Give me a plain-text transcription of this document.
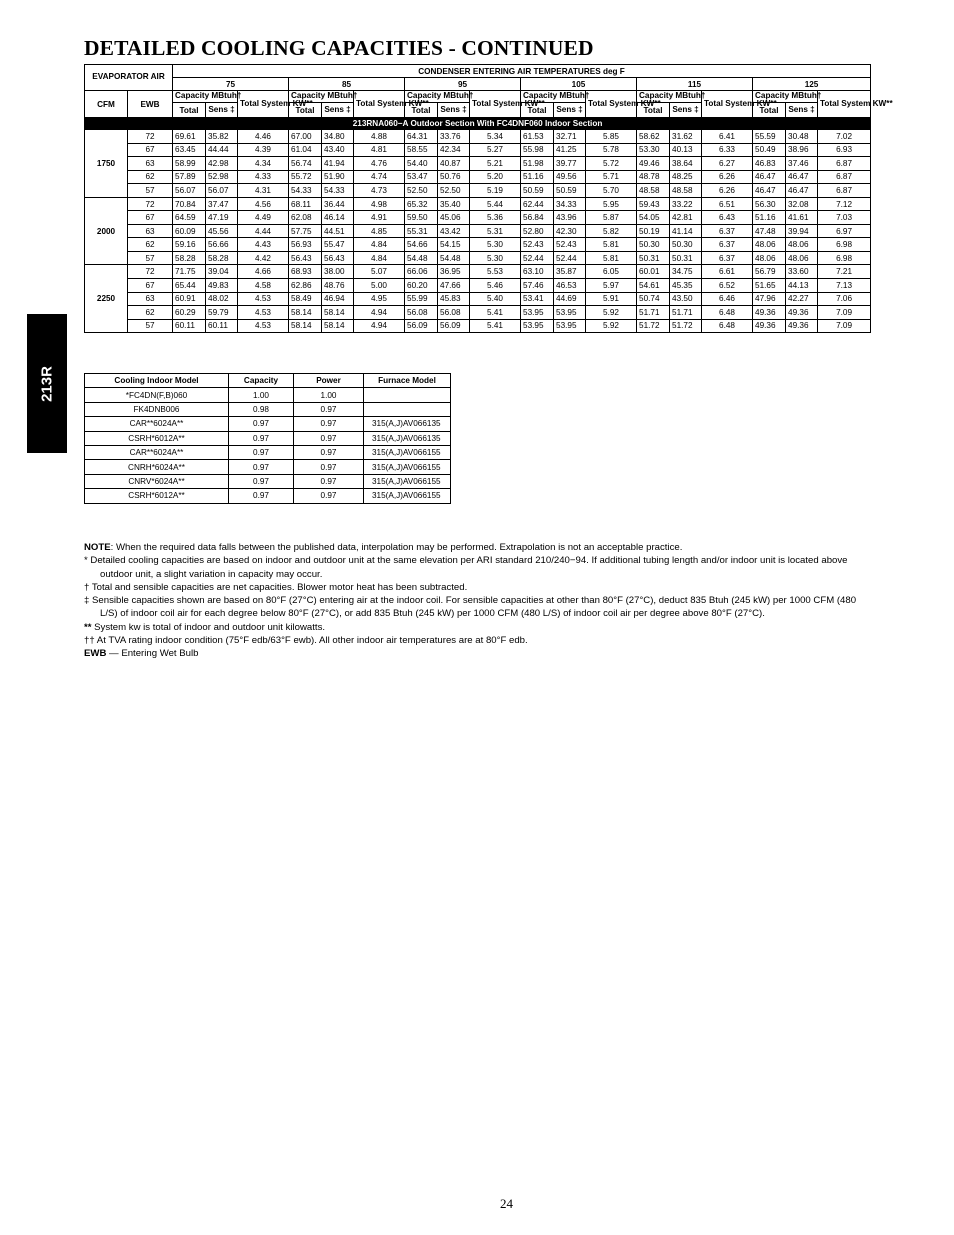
DETAILED COOLING CAPACITIES - CONTINUED
213R
EVAPORATOR AIR		CONDENSER ENTERING AIR TEMPERATURES deg F																	
		75			85			95			105			115			125		
CFM	EWB	Capacity MBtuh†		Total System KW**	Capacity MBtuh†		Total System KW**	Capacity MBtuh†		Total System KW**	Capacity MBtuh†		Total System KW**	Capacity MBtuh†		Total System KW**	Capacity MBtuh†		Total System KW**
		Total	Sens ‡		Total	Sens ‡		Total	Sens ‡		Total	Sens ‡		Total	Sens ‡		Total	Sens ‡	
213RNA060−A Outdoor Section With FC4DNF060 Indoor Section																			
1750	72	69.61	35.82	4.46	67.00	34.80	4.88	64.31	33.76	5.34	61.53	32.71	5.85	58.62	31.62	6.41	55.59	30.48	7.02
	67	63.45	44.44	4.39	61.04	43.40	4.81	58.55	42.34	5.27	55.98	41.25	5.78	53.30	40.13	6.33	50.49	38.96	6.93
	63	58.99	42.98	4.34	56.74	41.94	4.76	54.40	40.87	5.21	51.98	39.77	5.72	49.46	38.64	6.27	46.83	37.46	6.87
	62	57.89	52.98	4.33	55.72	51.90	4.74	53.47	50.76	5.20	51.16	49.56	5.71	48.78	48.25	6.26	46.47	46.47	6.87
	57	56.07	56.07	4.31	54.33	54.33	4.73	52.50	52.50	5.19	50.59	50.59	5.70	48.58	48.58	6.26	46.47	46.47	6.87
2000	72	70.84	37.47	4.56	68.11	36.44	4.98	65.32	35.40	5.44	62.44	34.33	5.95	59.43	33.22	6.51	56.30	32.08	7.12
	67	64.59	47.19	4.49	62.08	46.14	4.91	59.50	45.06	5.36	56.84	43.96	5.87	54.05	42.81	6.43	51.16	41.61	7.03
	63	60.09	45.56	4.44	57.75	44.51	4.85	55.31	43.42	5.31	52.80	42.30	5.82	50.19	41.14	6.37	47.48	39.94	6.97
	62	59.16	56.66	4.43	56.93	55.47	4.84	54.66	54.15	5.30	52.43	52.43	5.81	50.30	50.30	6.37	48.06	48.06	6.98
	57	58.28	58.28	4.42	56.43	56.43	4.84	54.48	54.48	5.30	52.44	52.44	5.81	50.31	50.31	6.37	48.06	48.06	6.98
2250	72	71.75	39.04	4.66	68.93	38.00	5.07	66.06	36.95	5.53	63.10	35.87	6.05	60.01	34.75	6.61	56.79	33.60	7.21
	67	65.44	49.83	4.58	62.86	48.76	5.00	60.20	47.66	5.46	57.46	46.53	5.97	54.61	45.35	6.52	51.65	44.13	7.13
	63	60.91	48.02	4.53	58.49	46.94	4.95	55.99	45.83	5.40	53.41	44.69	5.91	50.74	43.50	6.46	47.96	42.27	7.06
	62	60.29	59.79	4.53	58.14	58.14	4.94	56.08	56.08	5.41	53.95	53.95	5.92	51.71	51.71	6.48	49.36	49.36	7.09
	57	60.11	60.11	4.53	58.14	58.14	4.94	56.09	56.09	5.41	53.95	53.95	5.92	51.72	51.72	6.48	49.36	49.36	7.09
Cooling Indoor Model	Capacity	Power	Furnace Model
*FC4DN(F,B)060	1.00	1.00	
FK4DNB006	0.98	0.97	
CAR**6024A**	0.97	0.97	315(A,J)AV066135
CSRH*6012A**	0.97	0.97	315(A,J)AV066135
CAR**6024A**	0.97	0.97	315(A,J)AV066155
CNRH*6024A**	0.97	0.97	315(A,J)AV066155
CNRV*6024A**	0.97	0.97	315(A,J)AV066155
CSRH*6012A**	0.97	0.97	315(A,J)AV066155

NOTE: When the required data falls between the published data, interpolation may be performed. Extrapolation is not an acceptable practice.

* Detailed cooling capacities are based on indoor and outdoor unit at the same elevation per ARI standard 210/240−94. If additional tubing length and/or indoor unit is located above outdoor unit, a slight variation in capacity may occur.

† Total and sensible capacities are net capacities. Blower motor heat has been subtracted.

‡ Sensible capacities shown are based on 80°F (27°C) entering air at the indoor coil. For sensible capacities at other than 80°F (27°C), deduct 835 Btuh (245 kW) per 1000 CFM (480 L/S) of indoor coil air for each degree below 80°F (27°C), or add 835 Btuh (245 kW) per 1000 CFM (480 L/S) of indoor coil air per degree above 80°F (27°C).

** System kw is total of indoor and outdoor unit kilowatts.

†† At TVA rating indoor condition (75°F edb/63°F ewb). All other indoor air temperatures are at 80°F edb.

EWB — Entering Wet Bulb

24
